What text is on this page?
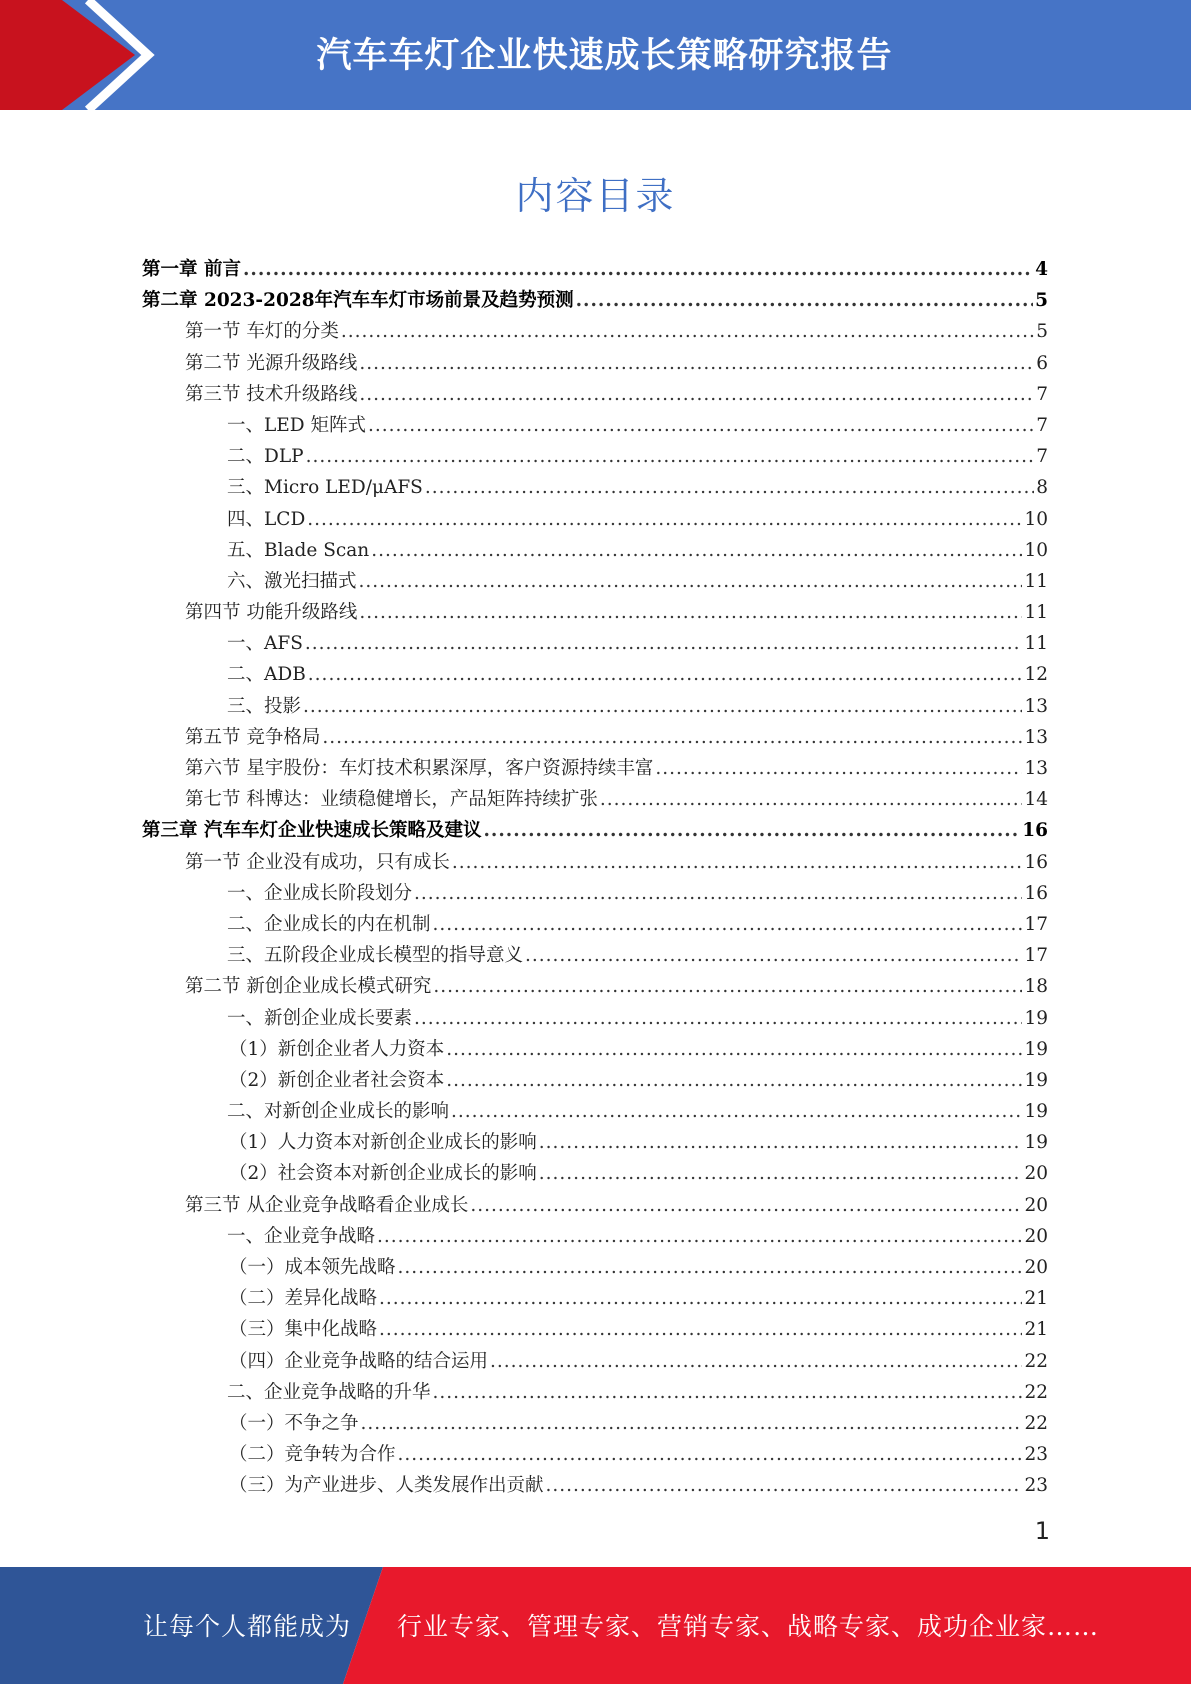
汽车车灯企业快速成长策略研究报告
内容目录
第一章 前言 .....	4
第二章 2023-2028年汽车车灯市场前景及趋势预测 .....	5
第一节 车灯的分类 .....	5
第二节 光源升级路线 .....	6
第三节 技术升级路线 .....	7
一、LED 矩阵式 .....	7
二、DLP .....	7
三、Micro LED/μAFS .....	8
四、LCD .....	10
五、Blade Scan .....	10
六、激光扫描式 .....	11
第四节 功能升级路线 .....	11
一、AFS .....	11
二、ADB .....	12
三、投影 .....	13
第五节 竞争格局 .....	13
第六节 星宇股份：车灯技术积累深厚，客户资源持续丰富 .....	13
第七节 科博达：业绩稳健增长，产品矩阵持续扩张 .....	14
第三章 汽车车灯企业快速成长策略及建议 .....	16
第一节 企业没有成功，只有成长 .....	16
一、企业成长阶段划分 .....	16
二、企业成长的内在机制 .....	17
三、五阶段企业成长模型的指导意义 .....	17
第二节 新创企业成长模式研究 .....	18
一、新创企业成长要素 .....	19
（1）新创企业者人力资本 .....	19
（2）新创企业者社会资本 .....	19
二、对新创企业成长的影响 .....	19
（1）人力资本对新创企业成长的影响 .....	19
（2）社会资本对新创企业成长的影响 .....	20
第三节 从企业竞争战略看企业成长 .....	20
一、企业竞争战略 .....	20
（一）成本领先战略 .....	20
（二）差异化战略 .....	21
（三）集中化战略 .....	21
（四）企业竞争战略的结合运用 .....	22
二、企业竞争战略的升华 .....	22
（一）不争之争 .....	22
（二）竞争转为合作 .....	23
（三）为产业进步、人类发展作出贡献 .....	23
1

让每个人都能成为 行业专家、管理专家、营销专家、战略专家、成功企业家……
